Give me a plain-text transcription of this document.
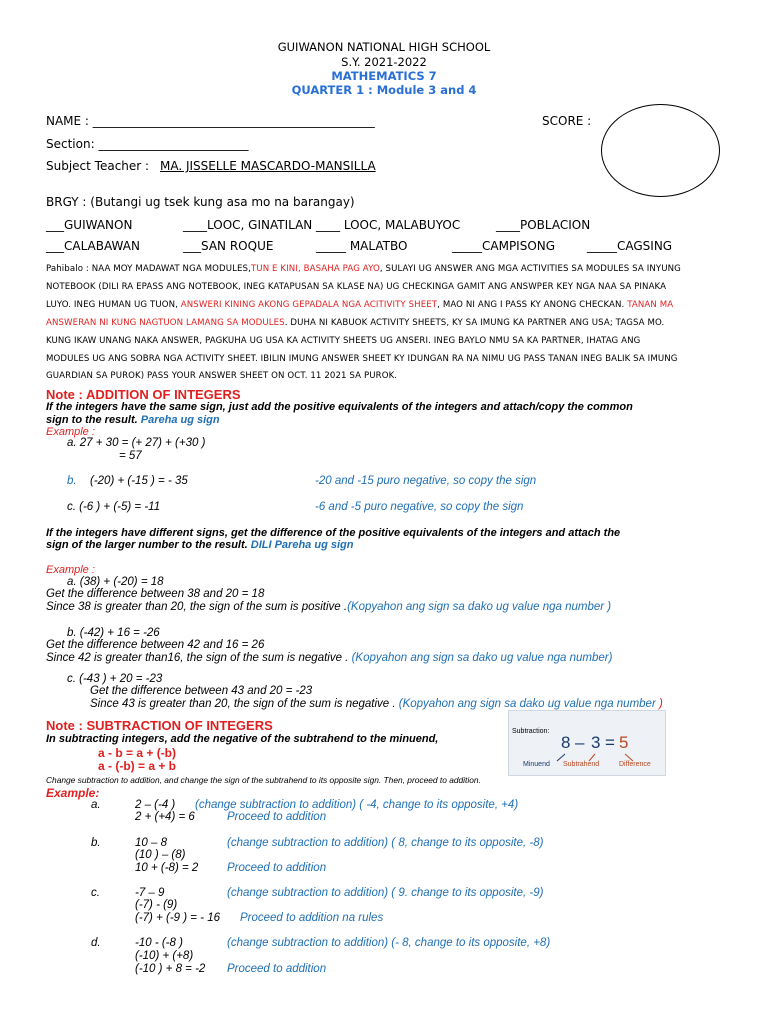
GUIWANON NATIONAL HIGH SCHOOL
S.Y. 2021-2022
MATHEMATICS 7
QUARTER 1 : Module 3 and 4
NAME : _______________________________________________	SCORE :
Section: _________________________
Subject Teacher : MA. JISSELLE MASCARDO-MANSILLA
BRGY : (Butangi ug tsek kung asa mo na barangay)
___GUIWANON	____LOOC, GINATILAN ____ LOOC, MALABUYOC	____POBLACION
___CALABAWAN	___SAN ROQUE	_____ MALATBO	_____CAMPISONG	_____CAGSING
Pahibalo : NAA MOY MADAWAT NGA MODULES,TUN E KINI, BASAHA PAG AYO, SULAYI UG ANSWER ANG MGA ACTIVITIES SA MODULES SA INYUNG
NOTEBOOK (DILI RA EPASS ANG NOTEBOOK, INEG KATAPUSAN SA KLASE NA) UG CHECKINGA GAMIT ANG ANSWPER KEY NGA NAA SA PINAKA
LUYO. INEG HUMAN UG TUON, ANSWERI KINING AKONG GEPADALA NGA ACITIVITY SHEET, MAO NI ANG I PASS KY ANONG CHECKAN. TANAN MA
ANSWERAN NI KUNG NAGTUON LAMANG SA MODULES. DUHA NI KABUOK ACTIVITY SHEETS, KY SA IMUNG KA PARTNER ANG USA; TAGSA MO.
KUNG IKAW UNANG NAKA ANSWER, PAGKUHA UG USA KA ACTIVITY SHEETS UG ANSERI. INEG BAYLO NMU SA KA PARTNER, IHATAG ANG
MODULES UG ANG SOBRA NGA ACTIVITY SHEET. IBILIN IMUNG ANSWER SHEET KY IDUNGAN RA NA NIMU UG PASS TANAN INEG BALIK SA IMUNG
GUARDIAN SA PUROK) PASS YOUR ANSWER SHEET ON OCT. 11 2021 SA PUROK.
Note : ADDITION OF INTEGERS
If the integers have the same sign, just add the positive equivalents of the integers and attach/copy the common
sign to the result. Pareha ug sign
Example :
a. 27 + 30 = (+ 27) + (+30 )
= 57
b. (-20) + (-15 ) = - 35	-20 and -15 puro negative, so copy the sign
c. (-6 ) + (-5) = -11	-6 and -5 puro negative, so copy the sign
If the integers have different signs, get the difference of the positive equivalents of the integers and attach the
sign of the larger number to the result. DILI Pareha ug sign
Example :
a. (38) + (-20) = 18
Get the difference between 38 and 20 = 18
Since 38 is greater than 20, the sign of the sum is positive .(Kopyahon ang sign sa dako ug value nga number )
b. (-42) + 16 = -26
Get the difference between 42 and 16 = 26
Since 42 is greater than16, the sign of the sum is negative . (Kopyahon ang sign sa dako ug value nga number)
c. (-43 ) + 20 = -23
Get the difference between 43 and 20 = -23
Since 43 is greater than 20, the sign of the sum is negative . (Kopyahon ang sign sa dako ug value nga number )
Note : SUBTRACTION OF INTEGERS
In subtracting integers, add the negative of the subtrahend to the minuend,
a - b = a + (-b)
a - (-b) = a + b
Change subtraction to addition, and change the sign of the subtrahend to its opposite sign. Then, proceed to addition.
Example:
Subtraction:
8 – 3 = 5
Minuend Subtrahend	Difference
a.	2 – (-4 ) (change subtraction to addition) ( -4, change to its opposite, +4)
2 + (+4) = 6	Proceed to addition
b.	10 – 8	(change subtraction to addition) ( 8, change to its opposite, -8)
(10 ) – (8)
10 + (-8) = 2 Proceed to addition
c.	-7 – 9	(change subtraction to addition) ( 9. change to its opposite, -9)
(-7) - (9)
(-7) + (-9 ) = - 16 Proceed to addition na rules
d.	-10 - (-8 )	(change subtraction to addition) (- 8, change to its opposite, +8)
(-10) + (+8)
(-10 ) + 8 = -2 Proceed to addition
